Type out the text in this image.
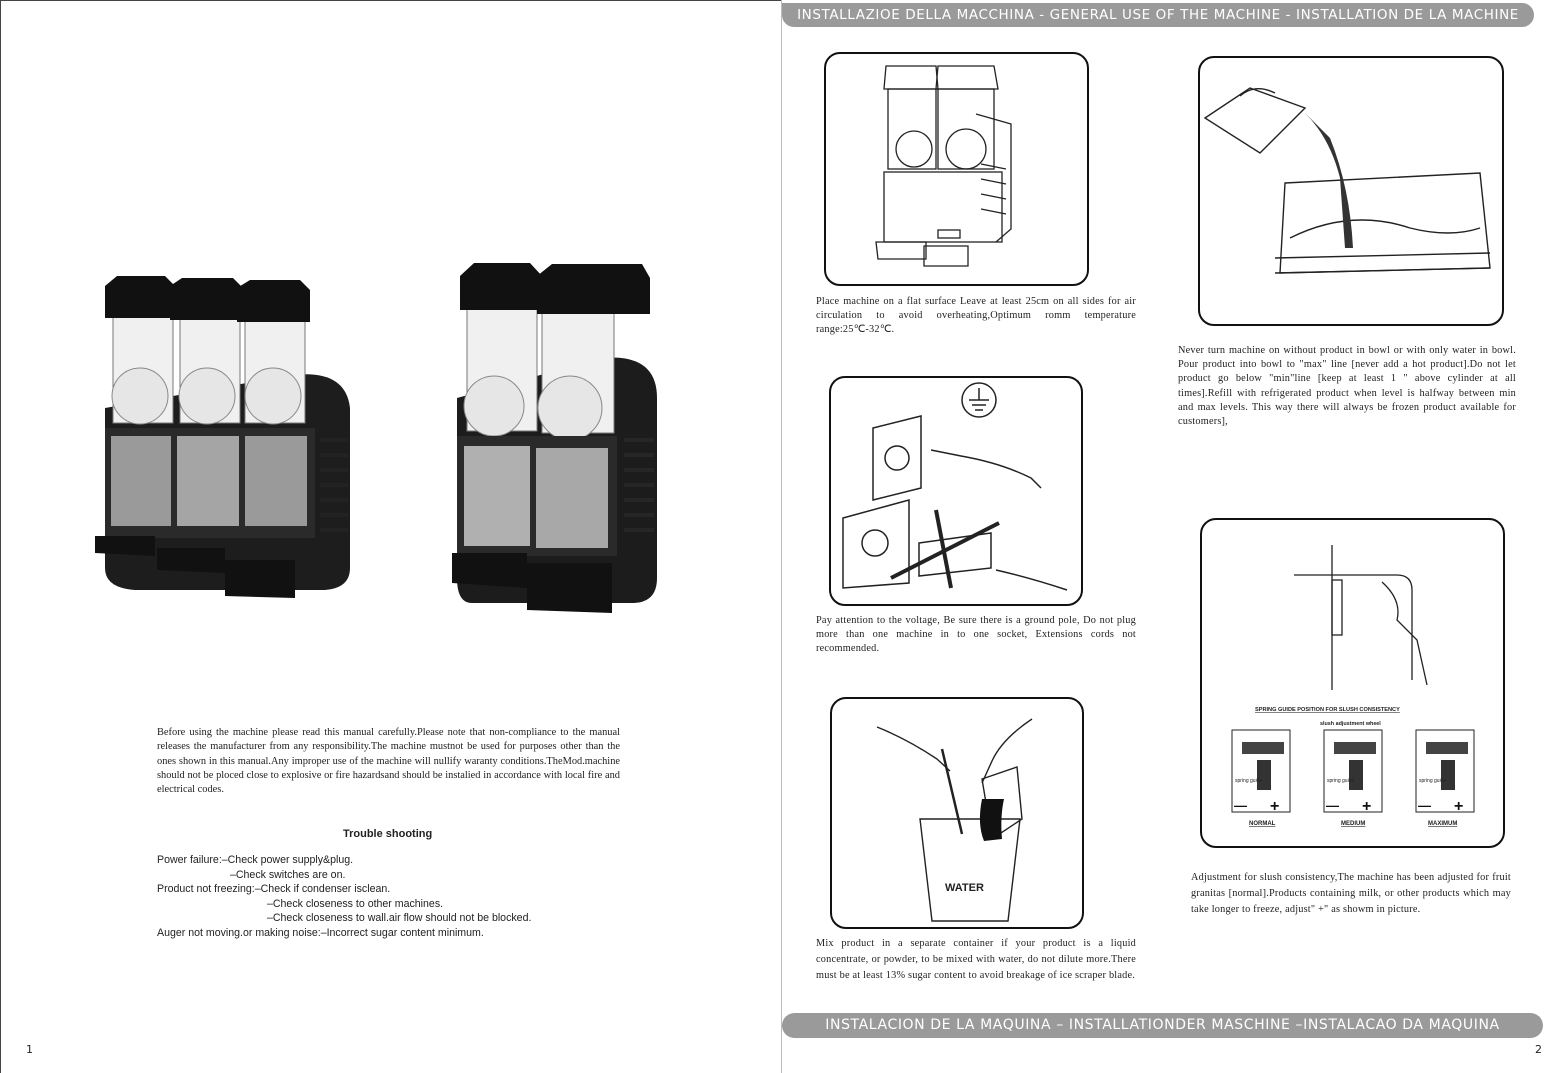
INSTALLAZIOE DELLA MACCHINA - GENERAL USE OF THE MACHINE - INSTALLATION DE LA MACHINE

Before using the machine please read this manual carefully.Please note that non-compliance to the manual releases the manufacturer from any responsibility.The machine mustnot be used for purposes other than the ones shown in this manual.Any improper use of the machine will nullify waranty conditions.TheMod.machine should not be ploced close to explosive or fire hazardsand should be instalied in accordance with local fire and electrical codes.

Trouble shooting

Power failure:–Check power supply&plug.
–Check switches are on.
Product not freezing:–Check if condenser isclean.
–Check closeness to other machines.
–Check closeness to wall.air flow should not be blocked.
Auger not moving.or making noise:–Incorrect sugar content minimum.
1

Place machine on a flat surface Leave at least 25cm on all sides for air circulation to avoid overheating,Optimum romm temperature range:25℃-32℃.

Pay attention to the voltage, Be sure there is a ground pole, Do not plug more than one machine in to one socket, Extensions cords not recommended.

WATER

Mix product in a separate container if your product is a liquid concentrate, or powder, to be mixed with water, do not dilute more.There must be at least 13% sugar content to avoid breakage of ice scraper blade.

Never turn machine on without product in bowl or with only water in bowl. Pour product into bowl to "max" line [never add a hot product].Do not let product go below "min"line [keep at least 1 " above cylinder at all times].Refill with refrigerated product when level is halfway between min and max levels. This way there will always be frozen product available for customers],

SPRING GUIDE POSITION FOR SLUSH CONSISTENCY
slush adjustment wheel
spring guide
— +
NORMAL
spring guide
— +
MEDIUM
spring guide
— +
MAXIMUM

Adjustment for slush consistency,The machine has been adjusted for fruit granitas [normal].Products containing milk, or other products which may take longer to freeze, adjust" +" as showm in picture.

INSTALACION DE LA MAQUINA – INSTALLATIONDER MASCHINE –INSTALACAO DA MAQUINA
2
